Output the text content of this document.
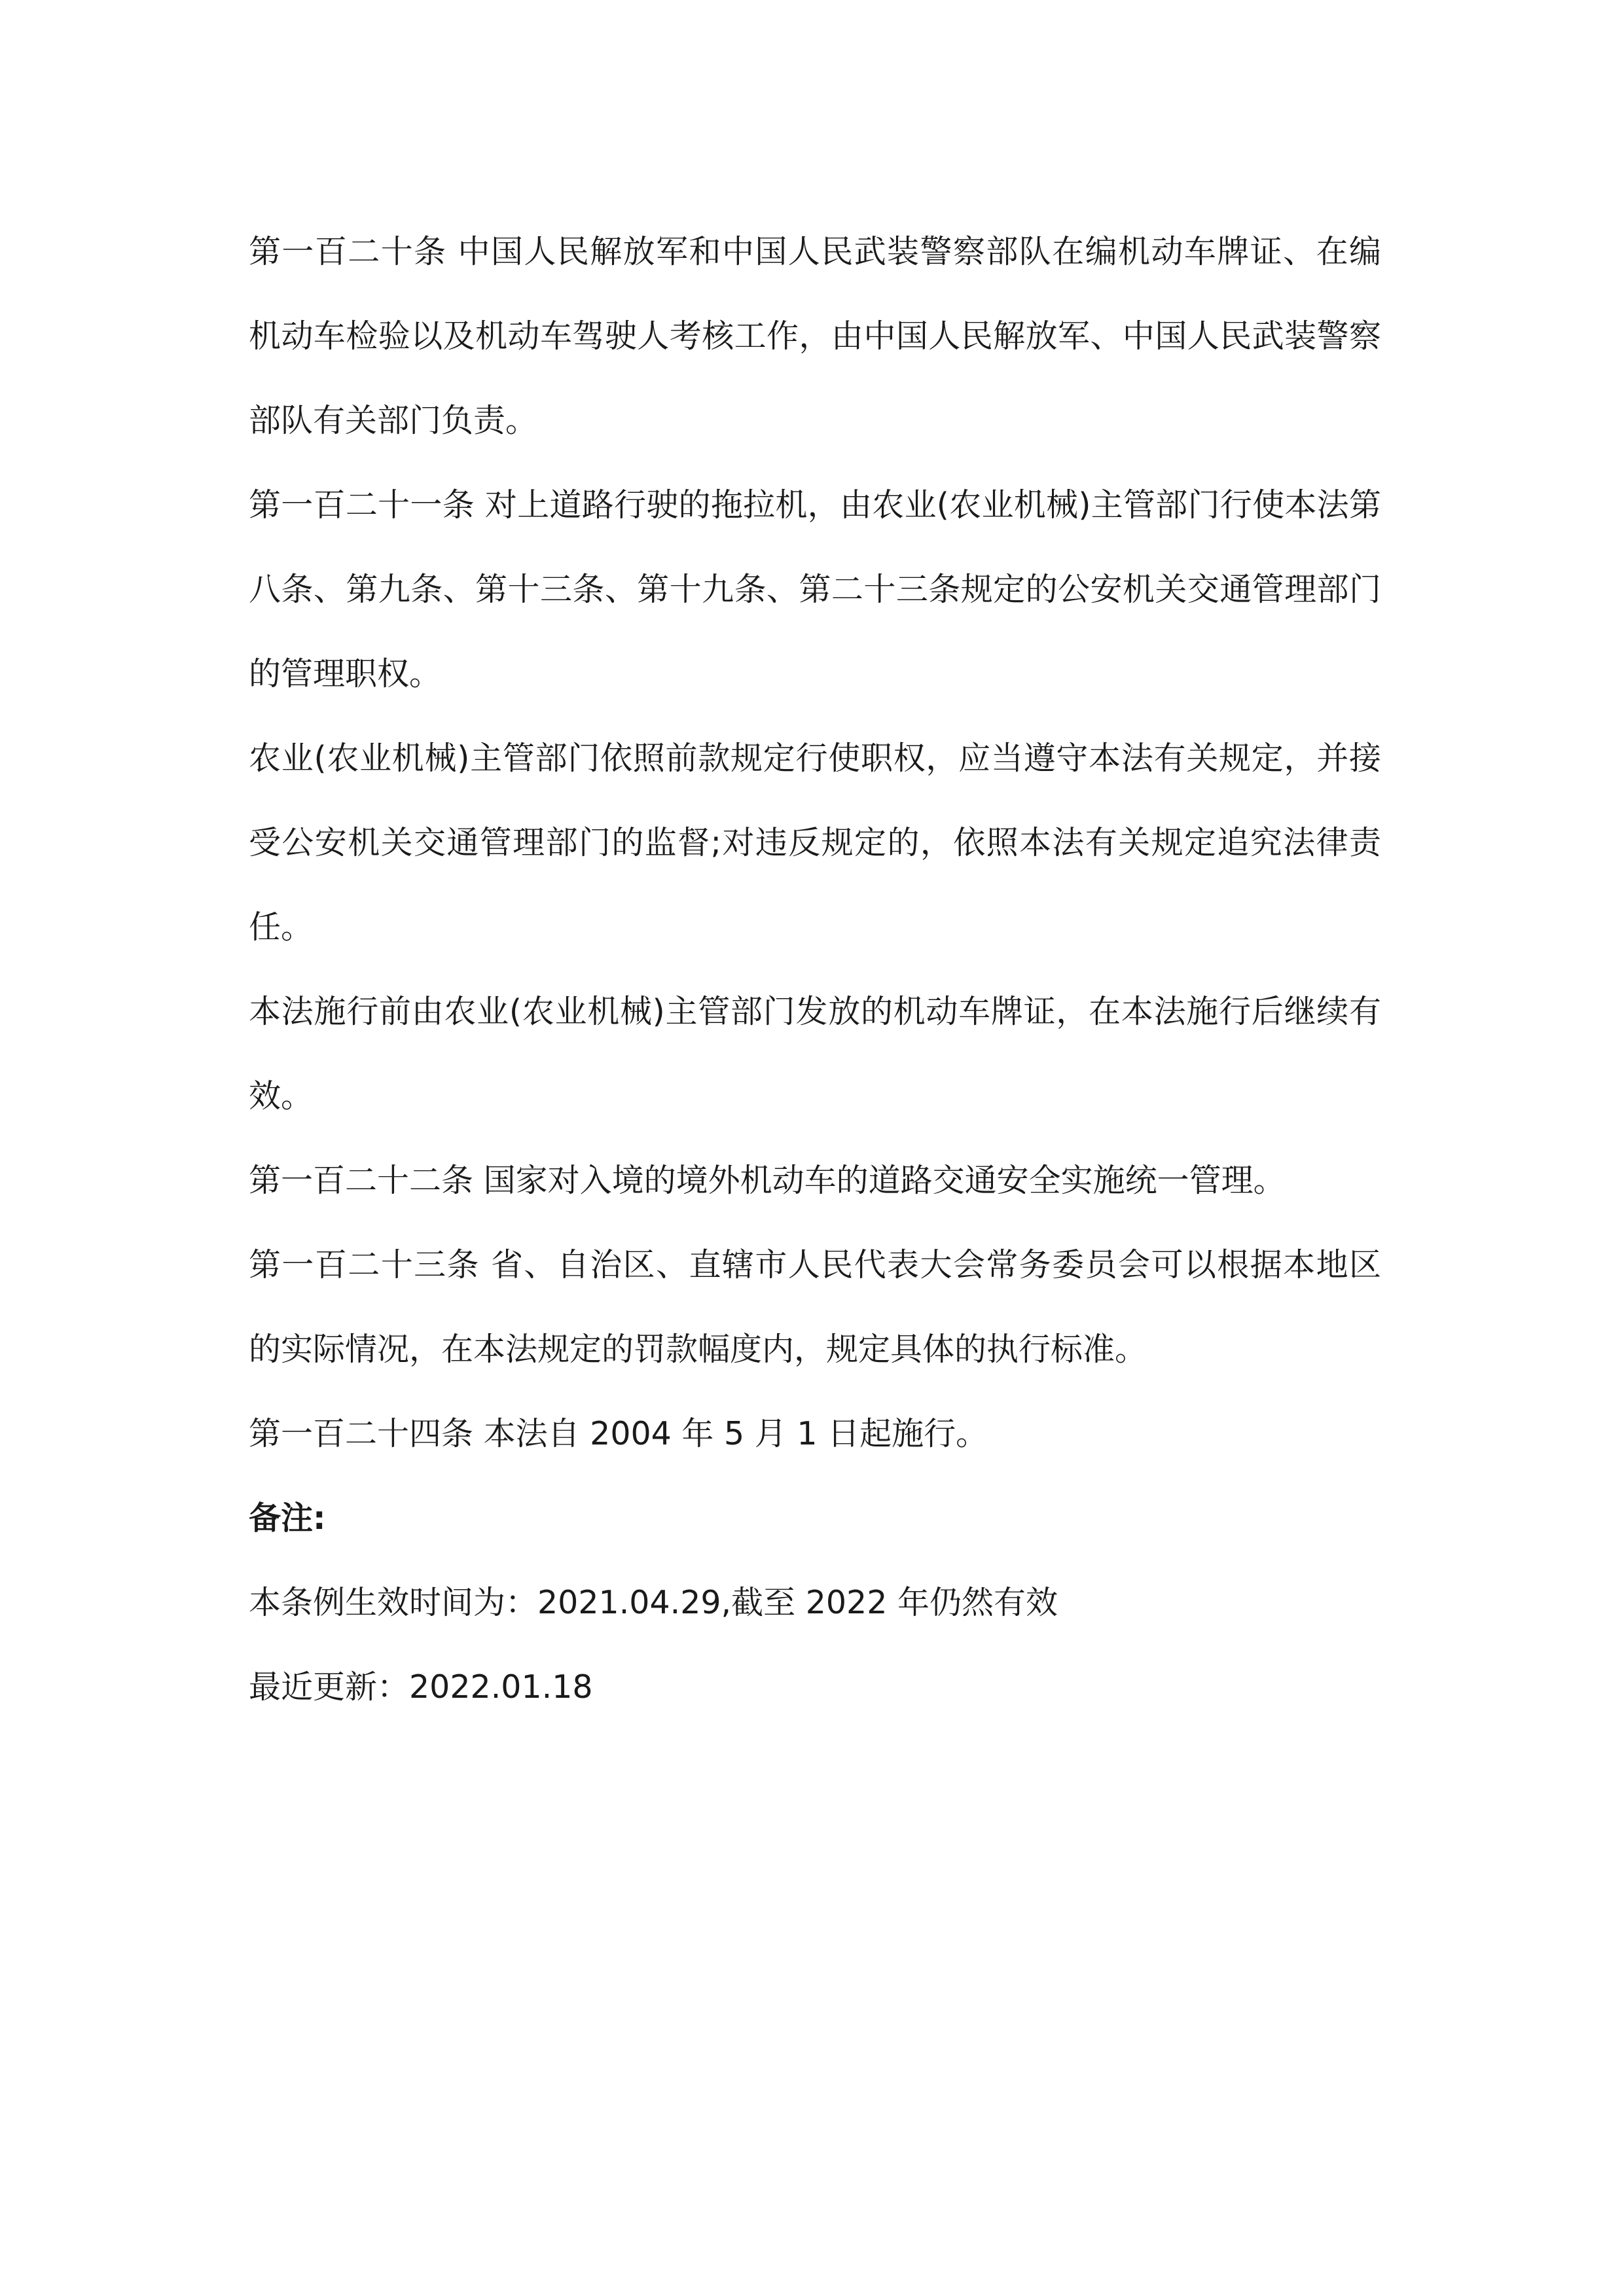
第一百二十条 中国人民解放军和中国人民武装警察部队在编机动车牌证、在编机动车检验以及机动车驾驶人考核工作，由中国人民解放军、中国人民武装警察部队有关部门负责。

第一百二十一条 对上道路行驶的拖拉机，由农业(农业机械)主管部门行使本法第八条、第九条、第十三条、第十九条、第二十三条规定的公安机关交通管理部门的管理职权。

农业(农业机械)主管部门依照前款规定行使职权，应当遵守本法有关规定，并接受公安机关交通管理部门的监督;对违反规定的，依照本法有关规定追究法律责任。

本法施行前由农业(农业机械)主管部门发放的机动车牌证，在本法施行后继续有效。

第一百二十二条 国家对入境的境外机动车的道路交通安全实施统一管理。

第一百二十三条 省、自治区、直辖市人民代表大会常务委员会可以根据本地区的实际情况，在本法规定的罚款幅度内，规定具体的执行标准。

第一百二十四条 本法自 2004 年 5 月 1 日起施行。

备注:

本条例生效时间为：2021.04.29,截至 2022 年仍然有效

最近更新：2022.01.18
